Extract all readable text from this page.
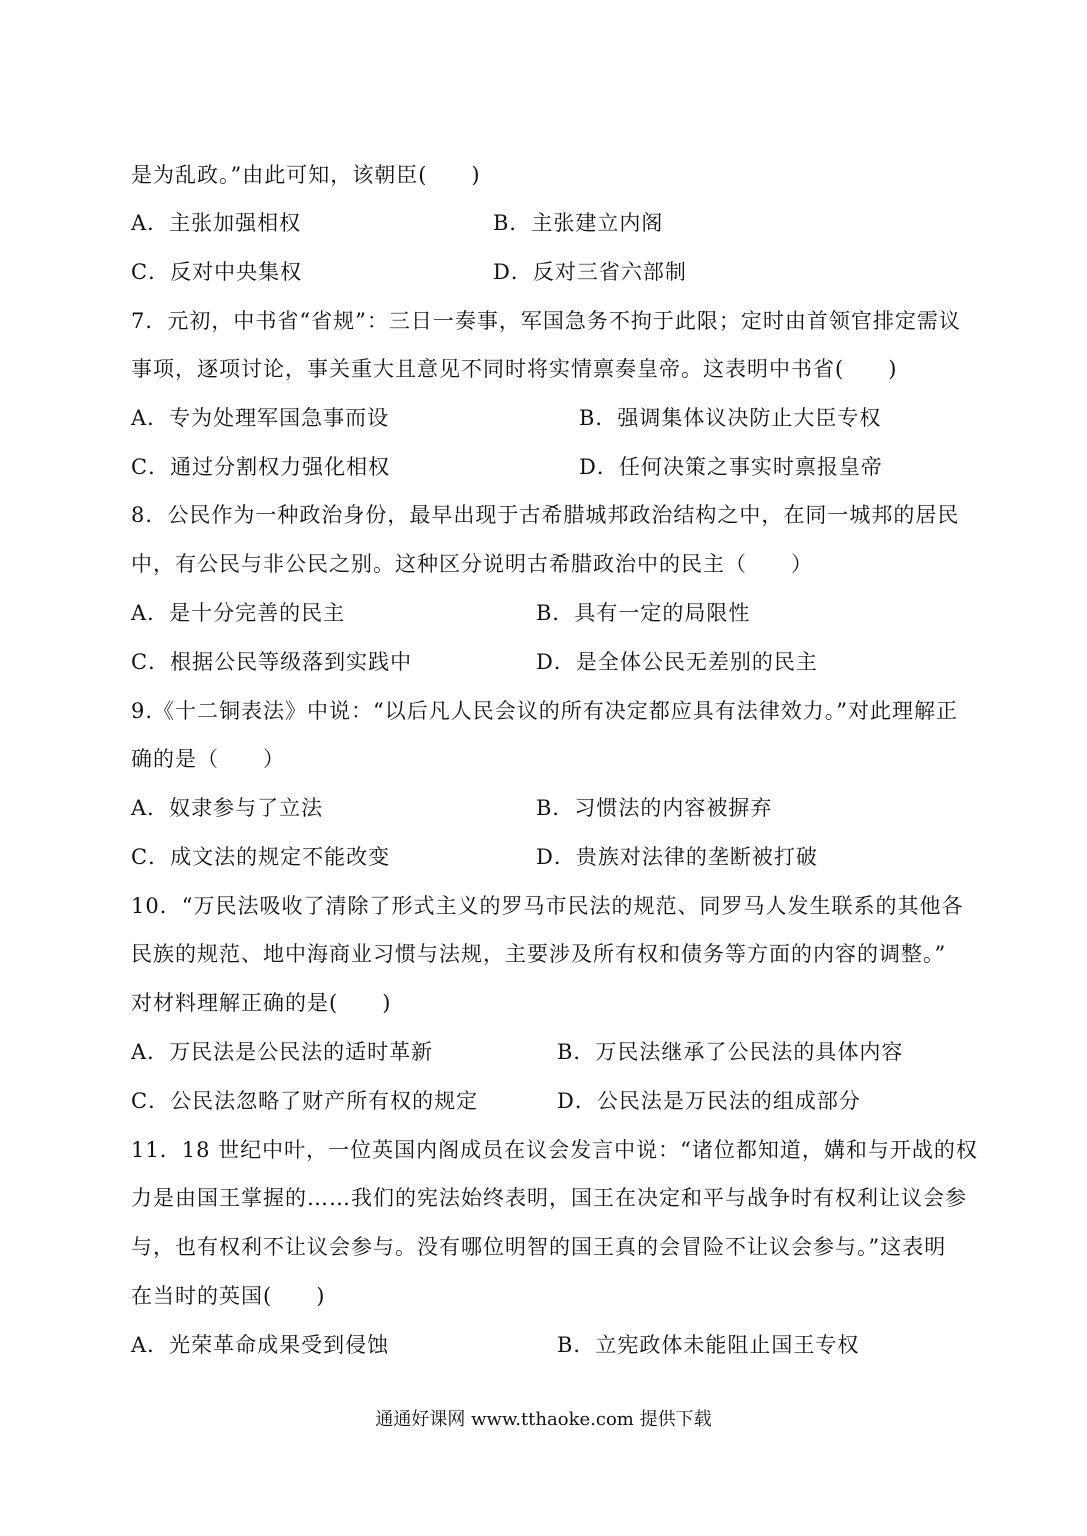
是为乱政。”由此可知，该朝臣(　　)
A．主张加强相权	B．主张建立内阁
C．反对中央集权	D．反对三省六部制
7．元初，中书省“省规”：三日一奏事，军国急务不拘于此限；定时由首领官排定需议
事项，逐项讨论，事关重大且意见不同时将实情禀奏皇帝。这表明中书省(　　)
A．专为处理军国急事而设	B．强调集体议决防止大臣专权
C．通过分割权力强化相权	D．任何决策之事实时禀报皇帝
8．公民作为一种政治身份，最早出现于古希腊城邦政治结构之中，在同一城邦的居民
中，有公民与非公民之别。这种区分说明古希腊政治中的民主（　　）
A．是十分完善的民主	B．具有一定的局限性
C．根据公民等级落到实践中	D．是全体公民无差别的民主
9.《十二铜表法》中说：“以后凡人民会议的所有决定都应具有法律效力。”对此理解正
确的是（　　）
A．奴隶参与了立法	B．习惯法的内容被摒弃
C．成文法的规定不能改变	D．贵族对法律的垄断被打破
10．“万民法吸收了清除了形式主义的罗马市民法的规范、同罗马人发生联系的其他各
民族的规范、地中海商业习惯与法规，主要涉及所有权和债务等方面的内容的调整。”
对材料理解正确的是(　　)
A．万民法是公民法的适时革新	B．万民法继承了公民法的具体内容
C．公民法忽略了财产所有权的规定	D．公民法是万民法的组成部分
11．18 世纪中叶，一位英国内阁成员在议会发言中说：“诸位都知道，媾和与开战的权
力是由国王掌握的……我们的宪法始终表明，国王在决定和平与战争时有权利让议会参
与，也有权利不让议会参与。没有哪位明智的国王真的会冒险不让议会参与。”这表明
在当时的英国(　　)
A．光荣革命成果受到侵蚀	B．立宪政体未能阻止国王专权
通通好课网 www.tthaoke.com 提供下载
